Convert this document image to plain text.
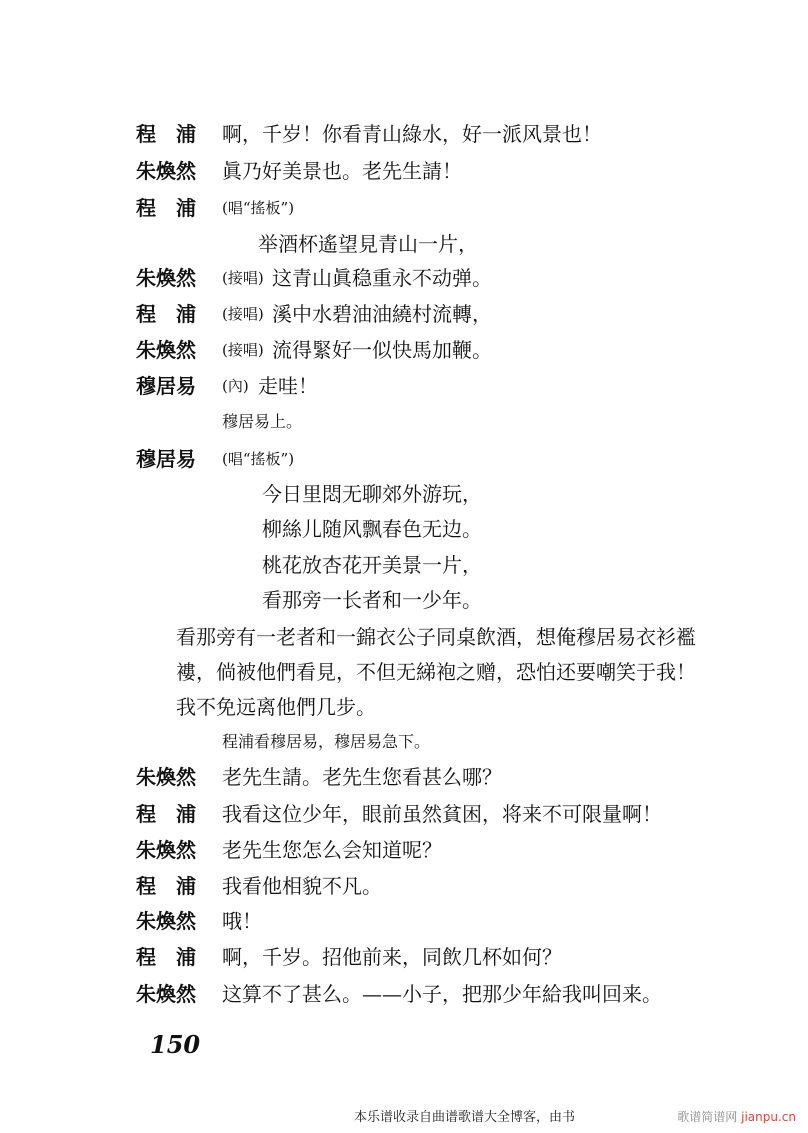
程　浦 啊，千岁！你看青山綠水，好一派风景也！
朱煥然 眞乃好美景也。老先生請！
程　浦 (唱“搖板”)
举酒杯遙望見青山一片，
朱煥然 (接唱) 这青山眞稳重永不动弹。
程　浦 (接唱) 溪中水碧油油繞村流轉，
朱煥然 (接唱) 流得緊好一似快馬加鞭。
穆居易 (內) 走哇！
穆居易上。
穆居易 (唱“搖板”)
今日里悶无聊郊外游玩，
柳絲儿随风飘春色无边。
桃花放杏花开美景一片，
看那旁一长者和一少年。
看那旁有一老者和一錦衣公子同桌飲酒，想俺穆居易衣衫襤
褸，倘被他們看見，不但无綈袍之赠，恐怕还要嘲笑于我！
我不免远离他們几步。
程浦看穆居易，穆居易急下。
朱煥然 老先生請。老先生您看甚么哪？
程　浦 我看这位少年，眼前虽然貧困，将来不可限量啊！
朱煥然 老先生您怎么会知道呢？
程　浦 我看他相貌不凡。
朱煥然 哦！
程　浦 啊，千岁。招他前来，同飲几杯如何？
朱煥然 这算不了甚么。——小子，把那少年給我叫回来。
150
本乐谱收录自曲谱歌谱大全博客，由书	歌谱简谱网 jianpu.cn
